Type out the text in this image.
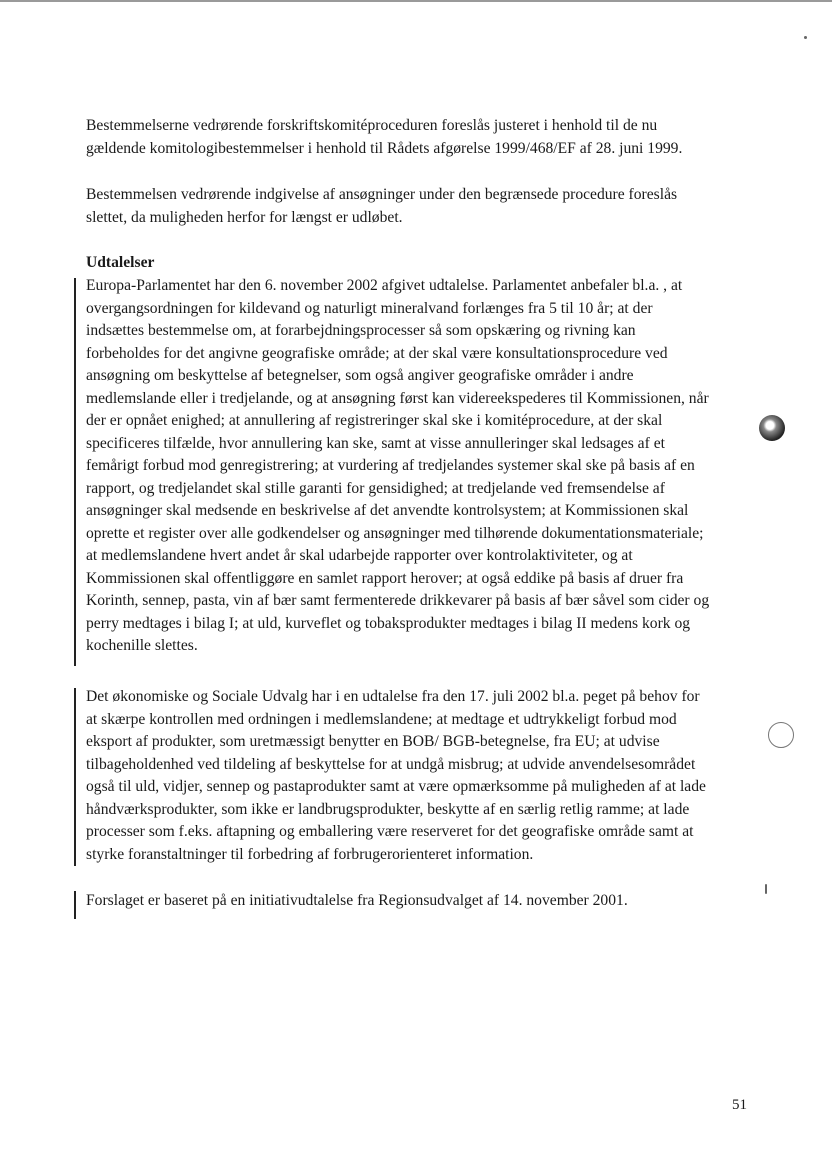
Bestemmelserne vedrørende forskriftskomitéproceduren foreslås justeret i henhold til de nu
gældende komitologibestemmelser i henhold til Rådets afgørelse 1999/468/EF af 28. juni 1999.
Bestemmelsen vedrørende indgivelse af ansøgninger under den begrænsede procedure foreslås
slettet, da muligheden herfor for længst er udløbet.

Udtalelser

Europa-Parlamentet har den 6. november 2002 afgivet udtalelse. Parlamentet anbefaler bl.a. , at
overgangsordningen for kildevand og naturligt mineralvand forlænges fra 5 til 10 år; at der
indsættes bestemmelse om, at forarbejdningsprocesser så som opskæring og rivning kan
forbeholdes for det angivne geografiske område; at der skal være konsultationsprocedure ved
ansøgning om beskyttelse af betegnelser, som også angiver geografiske områder i andre
medlemslande eller i tredjelande, og at ansøgning først kan videreekspederes til Kommissionen, når
der er opnået enighed; at annullering af registreringer skal ske i komitéprocedure, at der skal
specificeres tilfælde, hvor annullering kan ske, samt at visse annulleringer skal ledsages af et
femårigt forbud mod genregistrering; at vurdering af tredjelandes systemer skal ske på basis af en
rapport, og tredjelandet skal stille garanti for gensidighed; at tredjelande ved fremsendelse af
ansøgninger skal medsende en beskrivelse af det anvendte kontrolsystem; at Kommissionen skal
oprette et register over alle godkendelser og ansøgninger med tilhørende dokumentationsmateriale;
at medlemslandene hvert andet år skal udarbejde rapporter over kontrolaktiviteter, og at
Kommissionen skal offentliggøre en samlet rapport herover; at også eddike på basis af druer fra
Korinth, sennep, pasta, vin af bær samt fermenterede drikkevarer på basis af bær såvel som cider og
perry medtages i bilag I; at uld, kurveflet og tobaksprodukter medtages i bilag II medens kork og
kochenille slettes.
Det økonomiske og Sociale Udvalg har i en udtalelse fra den 17. juli 2002 bl.a. peget på behov for
at skærpe kontrollen med ordningen i medlemslandene; at medtage et udtrykkeligt forbud mod
eksport af produkter, som uretmæssigt benytter en BOB/ BGB-betegnelse, fra EU; at udvise
tilbageholdenhed ved tildeling af beskyttelse for at undgå misbrug; at udvide anvendelsesområdet
også til uld, vidjer, sennep og pastaprodukter samt at være opmærksomme på muligheden af at lade
håndværksprodukter, som ikke er landbrugsprodukter, beskytte af en særlig retlig ramme; at lade
processer som f.eks. aftapning og emballering være reserveret for det geografiske område samt at
styrke foranstaltninger til forbedring af forbrugerorienteret information.
Forslaget er baseret på en initiativudtalelse fra Regionsudvalget af 14. november 2001.

51
